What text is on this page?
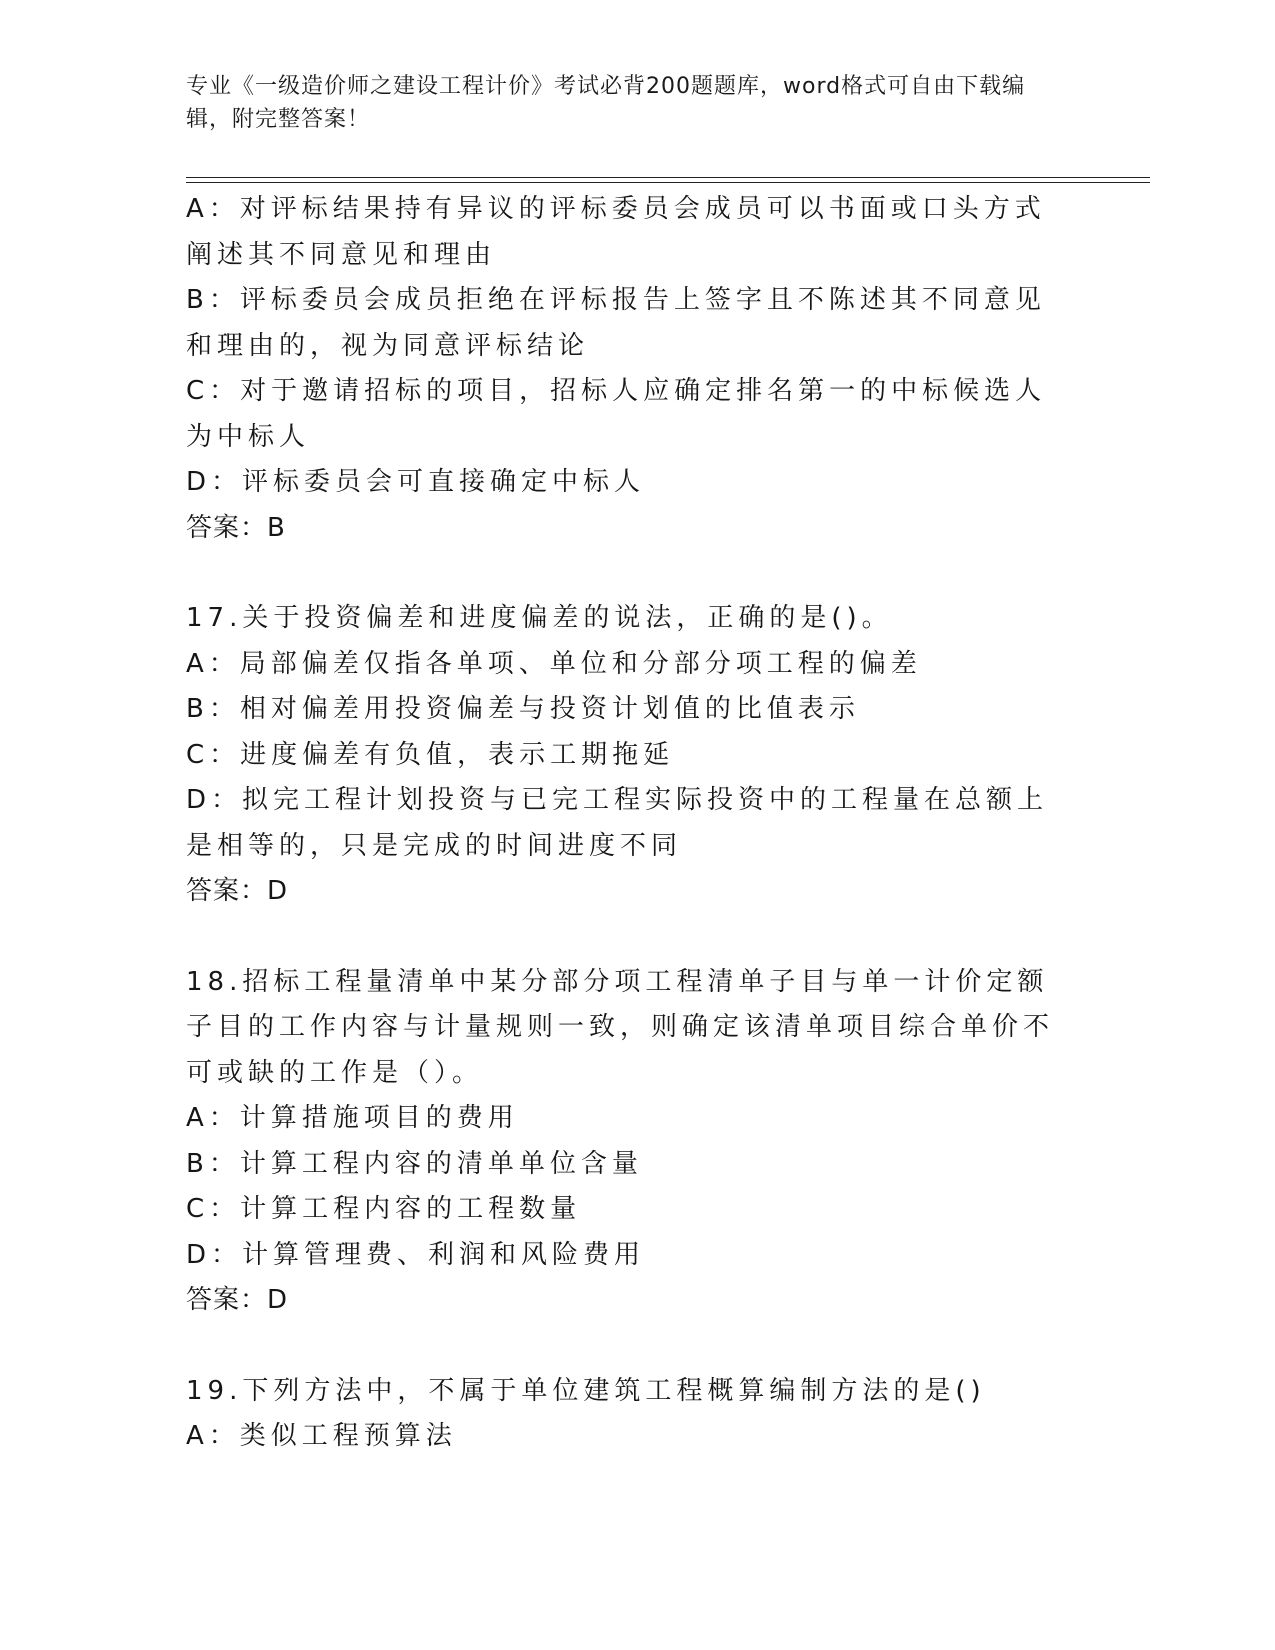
专业《一级造价师之建设工程计价》考试必背200题题库，word格式可自由下载编辑，附完整答案！

A：对评标结果持有异议的评标委员会成员可以书面或口头方式阐述其不同意见和理由

B：评标委员会成员拒绝在评标报告上签字且不陈述其不同意见和理由的，视为同意评标结论

C：对于邀请招标的项目，招标人应确定排名第一的中标候选人为中标人

D：评标委员会可直接确定中标人

答案：B

17.关于投资偏差和进度偏差的说法，正确的是()。

A：局部偏差仅指各单项、单位和分部分项工程的偏差

B：相对偏差用投资偏差与投资计划值的比值表示

C：进度偏差有负值，表示工期拖延

D：拟完工程计划投资与已完工程实际投资中的工程量在总额上是相等的，只是完成的时间进度不同

答案：D

18.招标工程量清单中某分部分项工程清单子目与单一计价定额子目的工作内容与计量规则一致，则确定该清单项目综合单价不可或缺的工作是（）。

A：计算措施项目的费用

B：计算工程内容的清单单位含量

C：计算工程内容的工程数量

D：计算管理费、利润和风险费用

答案：D

19.下列方法中，不属于单位建筑工程概算编制方法的是()

A：类似工程预算法
